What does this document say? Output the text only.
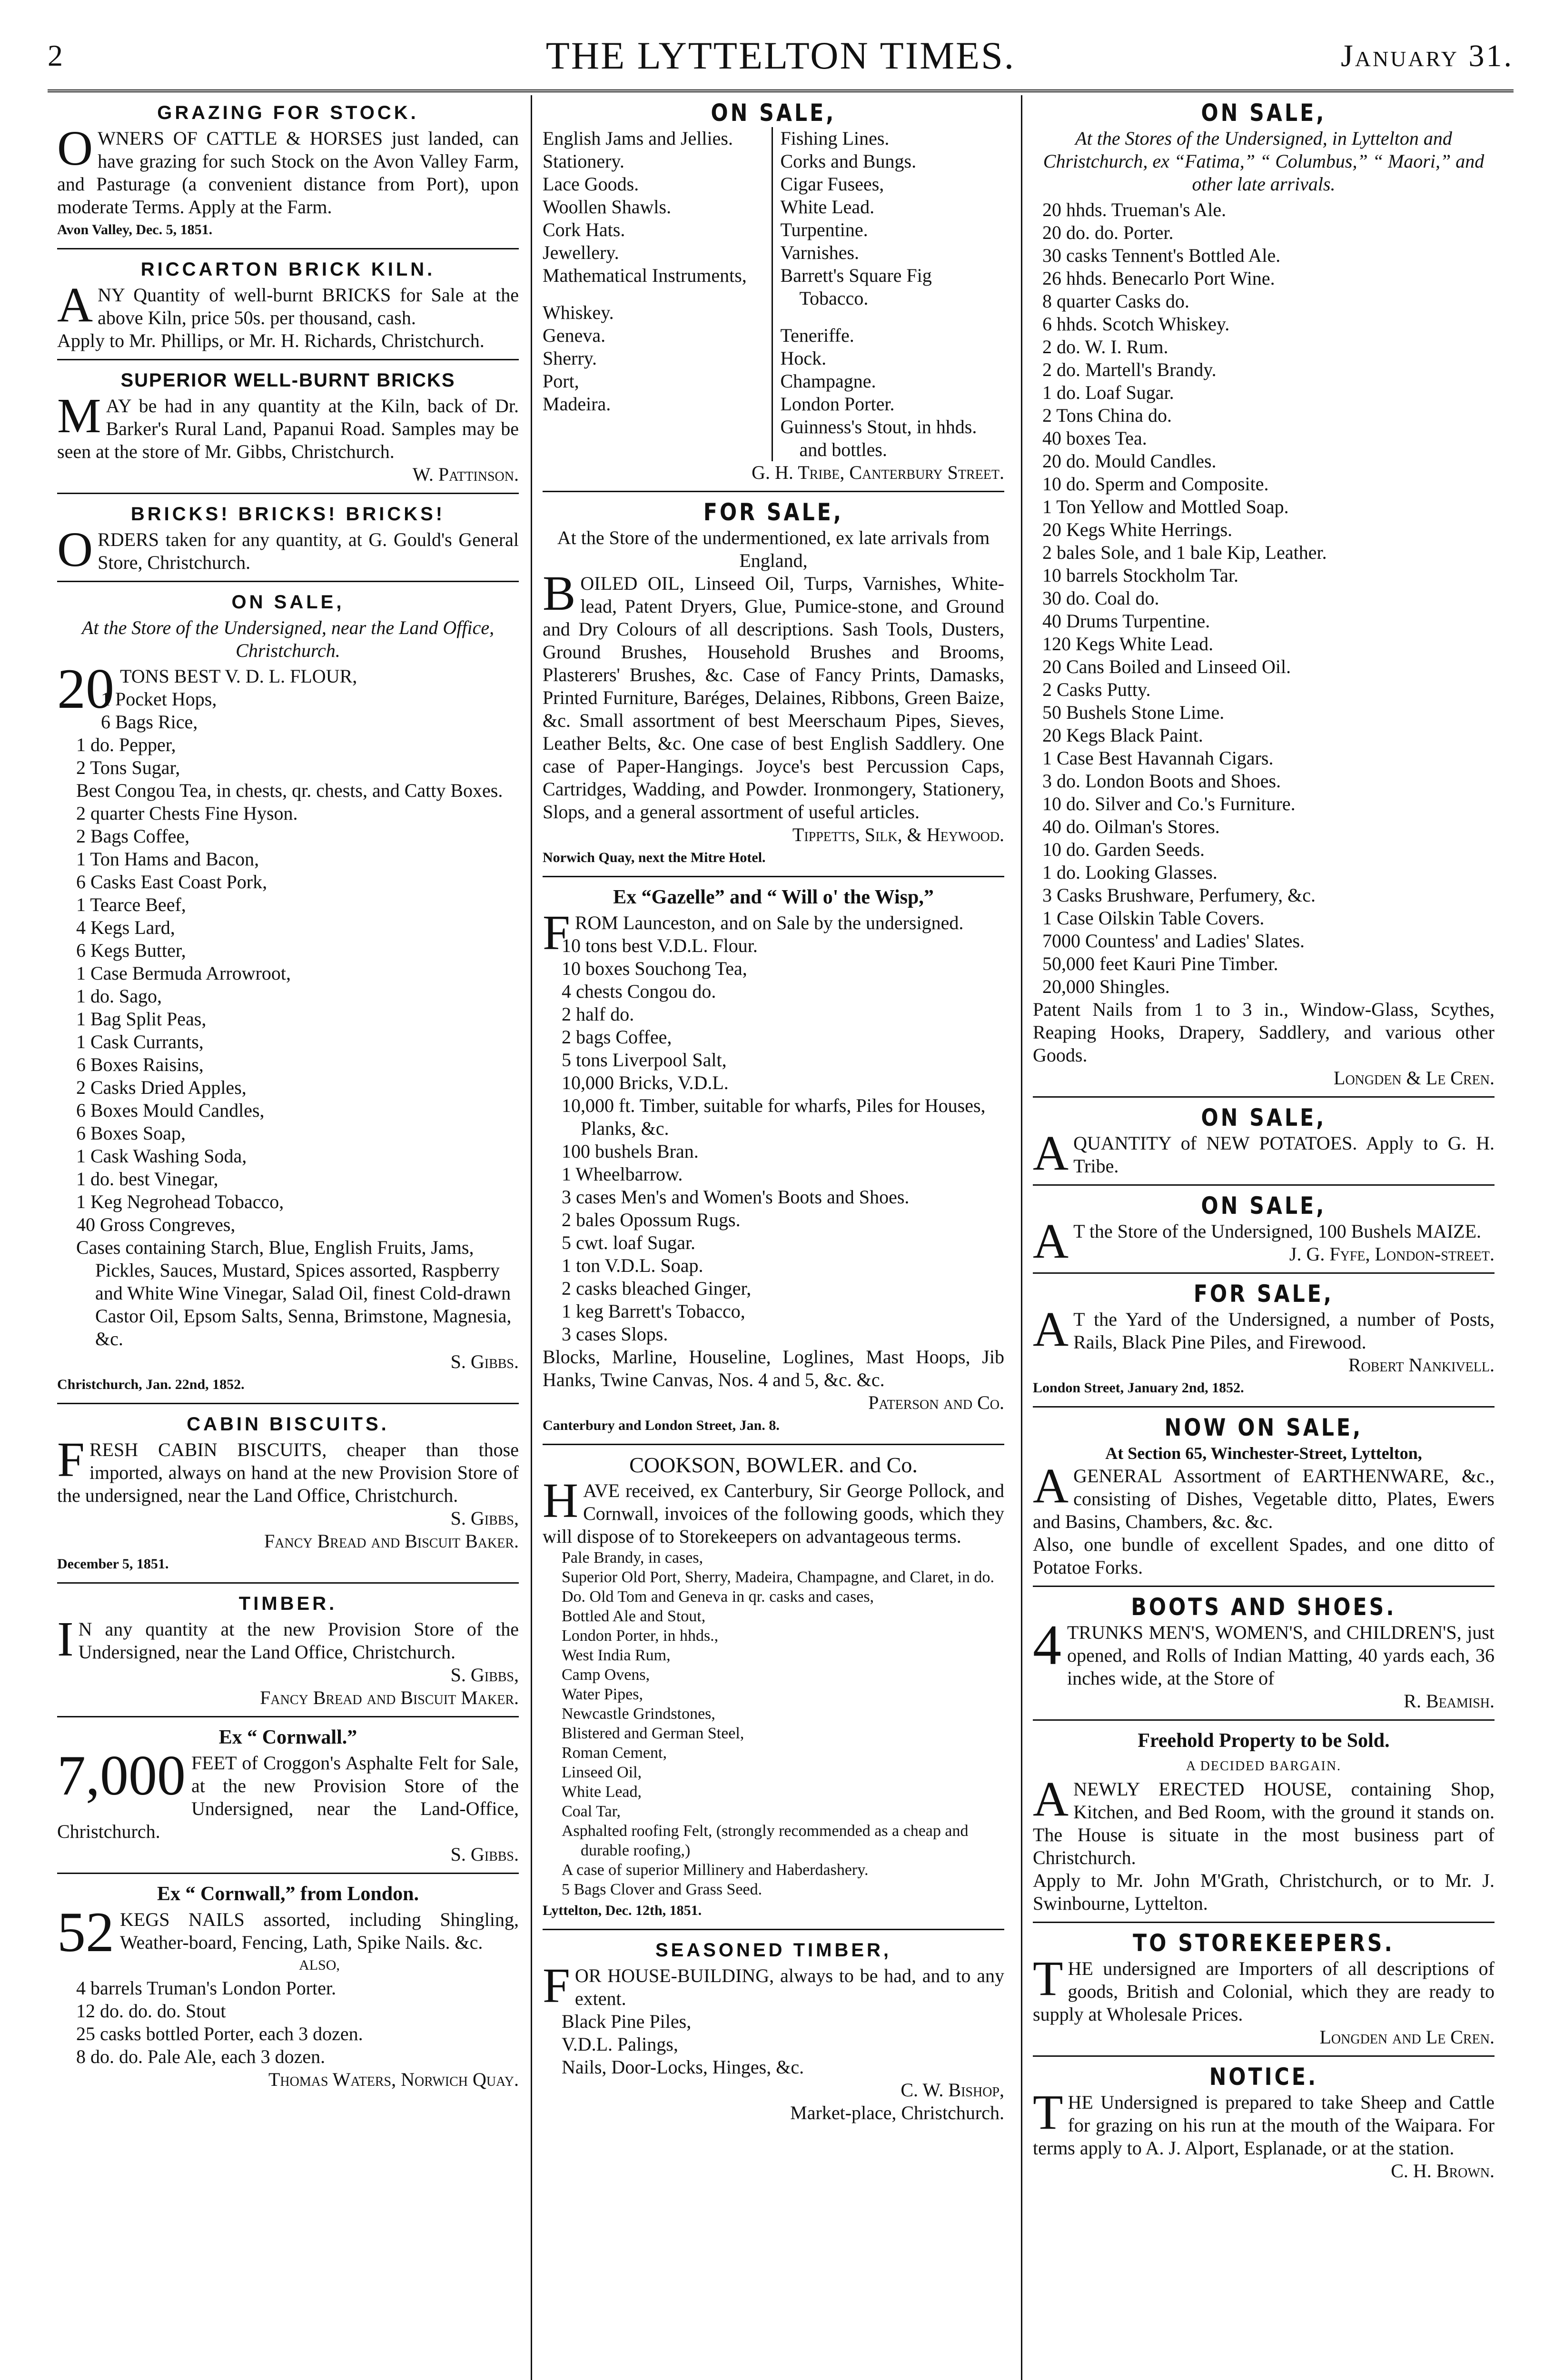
2	THE LYTTELTON TIMES.	January 31.
GRAZING FOR STOCK.

OWNERS OF CATTLE & HORSES just landed, can have grazing for such Stock on the Avon Valley Farm, and Pasturage (a convenient distance from Port), upon moderate Terms. Apply at the Farm.

Avon Valley, Dec. 5, 1851.
RICCARTON BRICK KILN.

ANY Quantity of well-burnt BRICKS for Sale at the above Kiln, price 50s. per thousand, cash.

Apply to Mr. Phillips, or Mr. H. Richards, Christchurch.

SUPERIOR WELL-BURNT BRICKS

MAY be had in any quantity at the Kiln, back of Dr. Barker's Rural Land, Papanui Road. Samples may be seen at the store of Mr. Gibbs, Christchurch.

W. Pattinson.
BRICKS! BRICKS! BRICKS!

ORDERS taken for any quantity, at G. Gould's General Store, Christchurch.

ON SALE,
At the Store of the Undersigned, near the Land Office, Christchurch.

20 TONS BEST V. D. L. FLOUR,

1 Pocket Hops,
6 Bags Rice,
1 do. Pepper,
2 Tons Sugar,
Best Congou Tea, in chests, qr. chests, and Catty Boxes.
2 quarter Chests Fine Hyson.
2 Bags Coffee,
1 Ton Hams and Bacon,
6 Casks East Coast Pork,
1 Tearce Beef,
4 Kegs Lard,
6 Kegs Butter,
1 Case Bermuda Arrowroot,
1 do. Sago,
1 Bag Split Peas,
1 Cask Currants,
6 Boxes Raisins,
2 Casks Dried Apples,
6 Boxes Mould Candles,
6 Boxes Soap,
1 Cask Washing Soda,
1 do. best Vinegar,
1 Keg Negrohead Tobacco,
40 Gross Congreves,
Cases containing Starch, Blue, English Fruits, Jams, Pickles, Sauces, Mustard, Spices assorted, Raspberry and White Wine Vinegar, Salad Oil, finest Cold-drawn Castor Oil, Epsom Salts, Senna, Brimstone, Magnesia, &c.
S. Gibbs.
Christchurch, Jan. 22nd, 1852.
CABIN BISCUITS.

FRESH CABIN BISCUITS, cheaper than those imported, always on hand at the new Provision Store of the undersigned, near the Land Office, Christchurch.

S. Gibbs,
Fancy Bread and Biscuit Baker.
December 5, 1851.
TIMBER.

I N any quantity at the new Provision Store of the Undersigned, near the Land Office, Christchurch.

S. Gibbs,
Fancy Bread and Biscuit Maker.
Ex “ Cornwall.”

7,000 FEET of Croggon's Asphalte Felt for Sale, at the new Provision Store of the Undersigned, near the Land-Office, Christchurch.

S. Gibbs.
Ex “ Cornwall,” from London.

52 KEGS NAILS assorted, including Shingling, Weather-board, Fencing, Lath, Spike Nails. &c.

ALSO,
4 barrels Truman's London Porter.
12 do. do. do. Stout
25 casks bottled Porter, each 3 dozen.
8 do. do. Pale Ale, each 3 dozen.
Thomas Waters, Norwich Quay.
ON SALE,
English Jams and Jellies.
Stationery.
Lace Goods.
Woollen Shawls.
Cork Hats.
Jewellery.
Mathematical Instruments,
Whiskey.
Geneva.
Sherry.
Port,
Madeira.
Fishing Lines.
Corks and Bungs.
Cigar Fusees,
White Lead.
Turpentine.
Varnishes.
Barrett's Square Fig Tobacco.
Teneriffe.
Hock.
Champagne.
London Porter.
Guinness's Stout, in hhds. and bottles.
G. H. Tribe, Canterbury Street.
FOR SALE,
At the Store of the undermentioned, ex late arrivals from England,

BOILED OIL, Linseed Oil, Turps, Varnishes, White-lead, Patent Dryers, Glue, Pumice-stone, and Ground and Dry Colours of all descriptions. Sash Tools, Dusters, Ground Brushes, Household Brushes and Brooms, Plasterers' Brushes, &c. Case of Fancy Prints, Damasks, Printed Furniture, Baréges, Delaines, Ribbons, Green Baize, &c. Small assortment of best Meerschaum Pipes, Sieves, Leather Belts, &c. One case of best English Saddlery. One case of Paper-Hangings. Joyce's best Percussion Caps, Cartridges, Wadding, and Powder. Ironmongery, Stationery, Slops, and a general assortment of useful articles.

Tippetts, Silk, & Heywood.
Norwich Quay, next the Mitre Hotel.
Ex “Gazelle” and “ Will o' the Wisp,”

FROM Launceston, and on Sale by the undersigned.

10 tons best V.D.L. Flour.
10 boxes Souchong Tea,
4 chests Congou do.
2 half do.
2 bags Coffee,
5 tons Liverpool Salt,
10,000 Bricks, V.D.L.
10,000 ft. Timber, suitable for wharfs, Piles for Houses, Planks, &c.
100 bushels Bran.
1 Wheelbarrow.
3 cases Men's and Women's Boots and Shoes.
2 bales Opossum Rugs.
5 cwt. loaf Sugar.
1 ton V.D.L. Soap.
2 casks bleached Ginger,
1 keg Barrett's Tobacco,
3 cases Slops.

Blocks, Marline, Houseline, Loglines, Mast Hoops, Jib Hanks, Twine Canvas, Nos. 4 and 5, &c. &c.

Paterson and Co.
Canterbury and London Street, Jan. 8.
COOKSON, BOWLER. and Co.

HAVE received, ex Canterbury, Sir George Pollock, and Cornwall, invoices of the following goods, which they will dispose of to Storekeepers on advantageous terms.

Pale Brandy, in cases,
Superior Old Port, Sherry, Madeira, Champagne, and Claret, in do.
Do. Old Tom and Geneva in qr. casks and cases,
Bottled Ale and Stout,
London Porter, in hhds.,
West India Rum,
Camp Ovens,
Water Pipes,
Newcastle Grindstones,
Blistered and German Steel,
Roman Cement,
Linseed Oil,
White Lead,
Coal Tar,
Asphalted roofing Felt, (strongly recommended as a cheap and durable roofing,)
A case of superior Millinery and Haberdashery.
5 Bags Clover and Grass Seed.
Lyttelton, Dec. 12th, 1851.
SEASONED TIMBER,

FOR HOUSE-BUILDING, always to be had, and to any extent.

Black Pine Piles,
V.D.L. Palings,
Nails, Door-Locks, Hinges, &c.
C. W. Bishop,
Market-place, Christchurch.
ON SALE,
At the Stores of the Undersigned, in Lyttelton and Christchurch, ex “Fatima,” “ Columbus,” “ Maori,” and other late arrivals.
20 hhds. Trueman's Ale.
20 do. do. Porter.
30 casks Tennent's Bottled Ale.
26 hhds. Benecarlo Port Wine.
8 quarter Casks do.
6 hhds. Scotch Whiskey.
2 do. W. I. Rum.
2 do. Martell's Brandy.
1 do. Loaf Sugar.
2 Tons China do.
40 boxes Tea.
20 do. Mould Candles.
10 do. Sperm and Composite.
1 Ton Yellow and Mottled Soap.
20 Kegs White Herrings.
2 bales Sole, and 1 bale Kip, Leather.
10 barrels Stockholm Tar.
30 do. Coal do.
40 Drums Turpentine.
120 Kegs White Lead.
20 Cans Boiled and Linseed Oil.
2 Casks Putty.
50 Bushels Stone Lime.
20 Kegs Black Paint.
1 Case Best Havannah Cigars.
3 do. London Boots and Shoes.
10 do. Silver and Co.'s Furniture.
40 do. Oilman's Stores.
10 do. Garden Seeds.
1 do. Looking Glasses.
3 Casks Brushware, Perfumery, &c.
1 Case Oilskin Table Covers.
7000 Countess' and Ladies' Slates.
50,000 feet Kauri Pine Timber.
20,000 Shingles.

Patent Nails from 1 to 3 in., Window-Glass, Scythes, Reaping Hooks, Drapery, Saddlery, and various other Goods.

Longden & Le Cren.
ON SALE,

AQUANTITY of NEW POTATOES. Apply to G. H. Tribe.

ON SALE,

A T the Store of the Undersigned, 100 Bushels MAIZE.

J. G. Fyfe, London-street.
FOR SALE,

A T the Yard of the Undersigned, a number of Posts, Rails, Black Pine Piles, and Firewood.

Robert Nankivell.
London Street, January 2nd, 1852.
NOW ON SALE,
At Section 65, Winchester-Street, Lyttelton,

AGENERAL Assortment of EARTHENWARE, &c., consisting of Dishes, Vegetable ditto, Plates, Ewers and Basins, Chambers, &c. &c.

Also, one bundle of excellent Spades, and one ditto of Potatoe Forks.

BOOTS AND SHOES.

4 TRUNKS MEN'S, WOMEN'S, and CHILDREN'S, just opened, and Rolls of Indian Matting, 40 yards each, 36 inches wide, at the Store of

R. Beamish.
Freehold Property to be Sold.
A DECIDED BARGAIN.

ANEWLY ERECTED HOUSE, containing Shop, Kitchen, and Bed Room, with the ground it stands on. The House is situate in the most business part of Christchurch.

Apply to Mr. John M'Grath, Christchurch, or to Mr. J. Swinbourne, Lyttelton.

TO STOREKEEPERS.

THE undersigned are Importers of all descriptions of goods, British and Colonial, which they are ready to supply at Wholesale Prices.

Longden and Le Cren.
NOTICE.

THE Undersigned is prepared to take Sheep and Cattle for grazing on his run at the mouth of the Waipara. For terms apply to A. J. Alport, Esplanade, or at the station.

C. H. Brown.
